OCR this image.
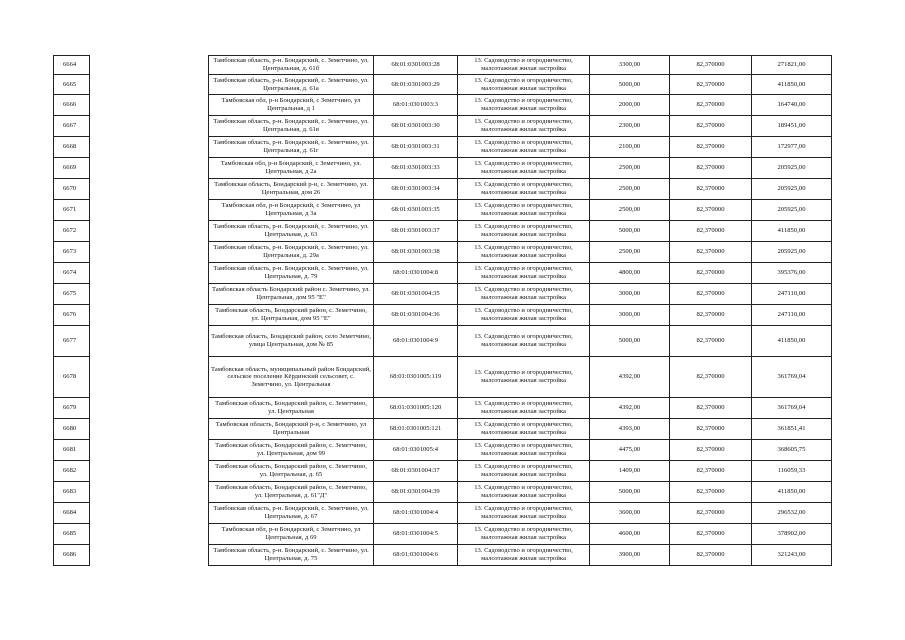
6664		Тамбовская область, р-н. Бондарский, с. Земетчино, ул. Центральная, д. 61б	68:01:0301003:28	13. Садоводство и огородничество, малоэтажная жилая застройка	3300,00	82,370000	271821,00
6665		Тамбовская область, р-н. Бондарский, с. Земетчино, ул. Центральная, д. 61а	68:01:0301003:29	13. Садоводство и огородничество, малоэтажная жилая застройка	5000,00	82,370000	411850,00
6666		Тамбовская обл, р-н Бондарский, с Земетчино, ул Центральная, д 1	68:01:0301003:3	13. Садоводство и огородничество, малоэтажная жилая застройка	2000,00	82,370000	164740,00
6667		Тамбовская область, р-н. Бондарский, с. Земетчино, ул. Центральная, д. 61в	68:01:0301003:30	13. Садоводство и огородничество, малоэтажная жилая застройка	2300,00	82,370000	189451,00
6668		Тамбовская область, р-н. Бондарский, с. Земетчино, ул. Центральная, д. 61г	68:01:0301003:31	13. Садоводство и огородничество, малоэтажная жилая застройка	2100,00	82,370000	172977,00
6669		Тамбовская обл, р-н Бондарский, с Земетчино, ул. Центральная, д 2а	68:01:0301003:33	13. Садоводство и огородничество, малоэтажная жилая застройка	2500,00	82,370000	205925,00
6670		Тамбовская область, Бондарский р-н, с. Земетчино, ул. Центральная, дом 26	68:01:0301003:34	13. Садоводство и огородничество, малоэтажная жилая застройка	2500,00	82,370000	205925,00
6671		Тамбовская обл, р-н Бондарский, с Земетчино, ул Центральная, д 3а	68:01:0301003:35	13. Садоводство и огородничество, малоэтажная жилая застройка	2500,00	82,370000	205925,00
6672		Тамбовская область, р-н. Бондарский, с. Земетчино, ул. Центральная, д. 63	68:01:0301003:37	13. Садоводство и огородничество, малоэтажная жилая застройка	5000,00	82,370000	411850,00
6673		Тамбовская область, р-н. Бондарский, с. Земетчино, ул. Центральная, д. 29а	68:01:0301003:38	13. Садоводство и огородничество, малоэтажная жилая застройка	2500,00	82,370000	205925,00
6674		Тамбовская область, р-н. Бондарский, с. Земетчино, ул. Центральная, д. 79	68:01:0301004:8	13. Садоводство и огородничество, малоэтажная жилая застройка	4800,00	82,370000	395376,00
6675		Тамбовская область Бондарский район с. Земетчино, ул. Центральная, дом 95 "Е"	68:01:0301004:35	13. Садоводство и огородничество, малоэтажная жилая застройка	3000,00	82,370000	247110,00
6676		Тамбовская область, Бондарский район, с. Земетчино, ул. Центральная, дом 95 "Е"	68:01:0301004:36	13. Садоводство и огородничество, малоэтажная жилая застройка	3000,00	82,370000	247110,00
6677		Тамбовская область, Бондарский район, село Земетчино, улица Центральная, дом № 85	68:01:0301004:9	13. Садоводство и огородничество, малоэтажная жилая застройка	5000,00	82,370000	411850,00
6678		Тамбовская область, муниципальный район Бондарский, сельское поселение Кёрдинский сельсовет, с. Земетчино, ул. Центральная	68:01:0301005:119	13. Садоводство и огородничество, малоэтажная жилая застройка	4392,00	82,370000	361769,04
6679		Тамбовская область, Бондарский район, с. Земетчино, ул. Центральная	68:01:0301005:120	13. Садоводство и огородничество, малоэтажная жилая застройка	4392,00	82,370000	361769,04
6680		Тамбовская область, Бондарский р-н, с Земетчино, ул Центральная	68:01:0301005:121	13. Садоводство и огородничество, малоэтажная жилая застройка	4393,00	82,370000	361851,41
6681		Тамбовская область, Бондарский район, с. Земетчино, ул. Центральная, дом 99	68:01:0301005:4	13. Садоводство и огородничество, малоэтажная жилая застройка	4475,00	82,370000	368605,75
6682		Тамбовская область, Бондарский район, с. Земетчино, ул. Центральная, д. 65	68:01:0301004:37	13. Садоводство и огородничество, малоэтажная жилая застройка	1409,00	82,370000	116059,33
6683		Тамбовская область, Бондарский район, с. Земетчино, ул. Центральная, д. 61"Д"	68:01:0301004:39	13. Садоводство и огородничество, малоэтажная жилая застройка	5000,00	82,370000	411850,00
6684		Тамбовская область, р-н. Бондарский, с. Земетчино, ул. Центральная, д. 67	68:01:0301004:4	13. Садоводство и огородничество, малоэтажная жилая застройка	3600,00	82,370000	296532,00
6685		Тамбовская обл, р-н Бондарский, с Земетчино, ул Центральная, д 69	68:01:0301004:5	13. Садоводство и огородничество, малоэтажная жилая застройка	4600,00	82,370000	378902,00
6686		Тамбовская область, р-н. Бондарский, с. Земетчино, ул. Центральная, д. 75	68:01:0301004:6	13. Садоводство и огородничество, малоэтажная жилая застройка	3900,00	82,370000	321243,00
